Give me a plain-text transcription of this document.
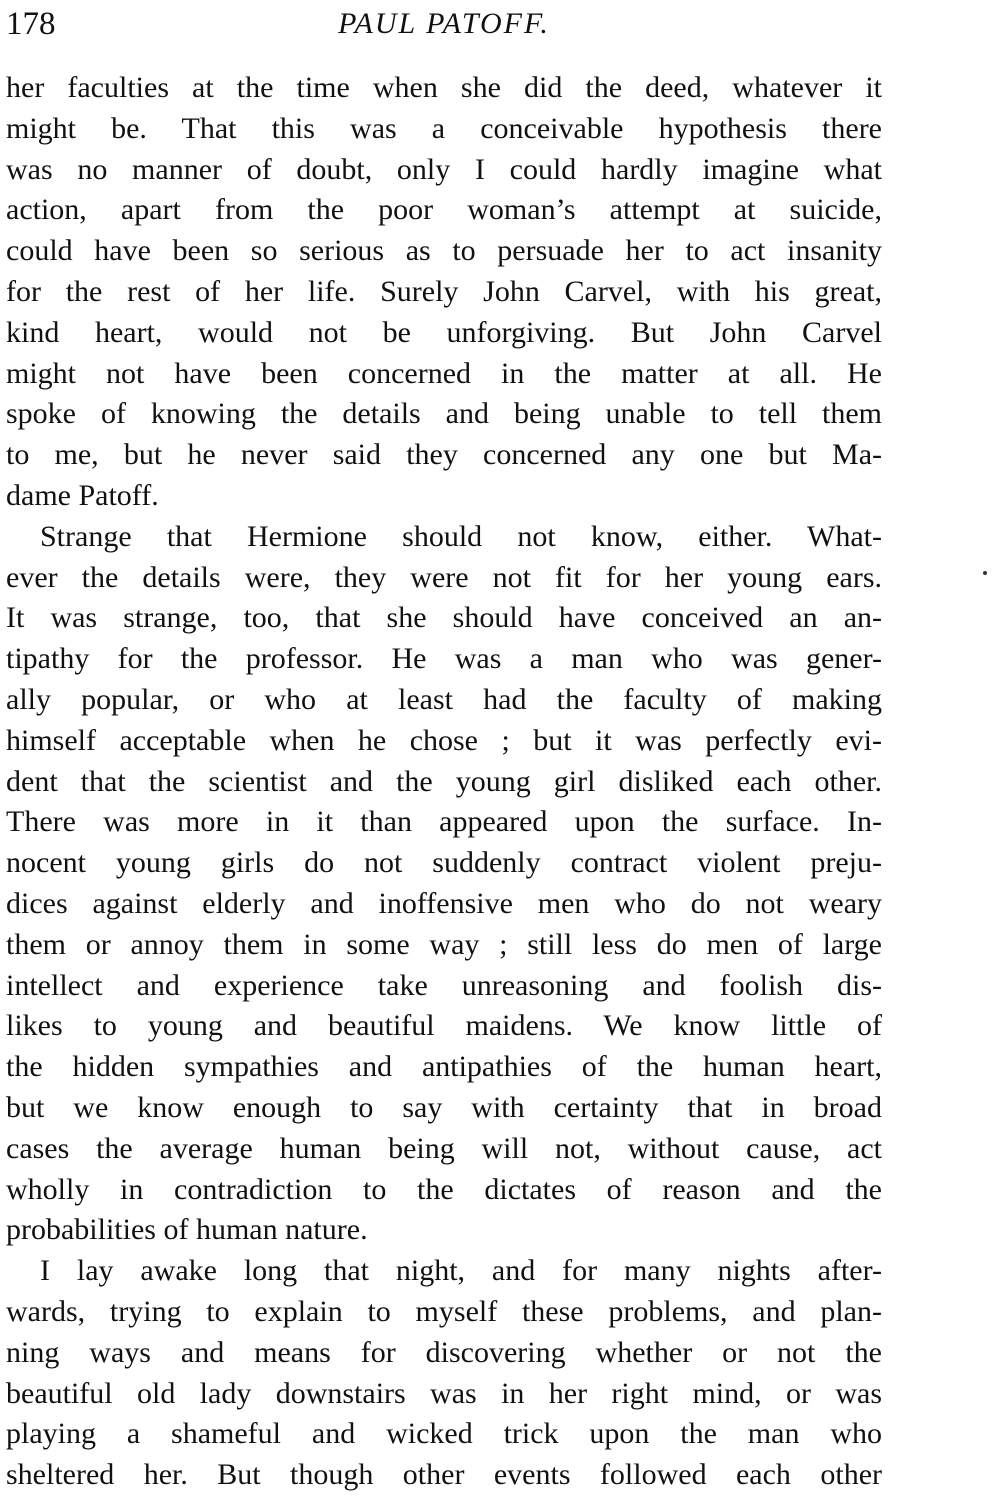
178	PAUL PATOFF.
her faculties at the time when she did the deed, whatever it
might be. That this was a conceivable hypothesis there
was no manner of doubt, only I could hardly imagine what
action, apart from the poor woman’s attempt at suicide,
could have been so serious as to persuade her to act insanity
for the rest of her life. Surely John Carvel, with his great,
kind heart, would not be unforgiving. But John Carvel
might not have been concerned in the matter at all. He
spoke of knowing the details and being unable to tell them
to me, but he never said they concerned any one but Ma-
dame Patoff.
Strange that Hermione should not know, either. What-
ever the details were, they were not fit for her young ears.
It was strange, too, that she should have conceived an an-
tipathy for the professor. He was a man who was gener-
ally popular, or who at least had the faculty of making
himself acceptable when he chose ; but it was perfectly evi-
dent that the scientist and the young girl disliked each other.
There was more in it than appeared upon the surface. In-
nocent young girls do not suddenly contract violent preju-
dices against elderly and inoffensive men who do not weary
them or annoy them in some way ; still less do men of large
intellect and experience take unreasoning and foolish dis-
likes to young and beautiful maidens. We know little of
the hidden sympathies and antipathies of the human heart,
but we know enough to say with certainty that in broad
cases the average human being will not, without cause, act
wholly in contradiction to the dictates of reason and the
probabilities of human nature.
I lay awake long that night, and for many nights after-
wards, trying to explain to myself these problems, and plan-
ning ways and means for discovering whether or not the
beautiful old lady downstairs was in her right mind, or was
playing a shameful and wicked trick upon the man who
sheltered her. But though other events followed each other
